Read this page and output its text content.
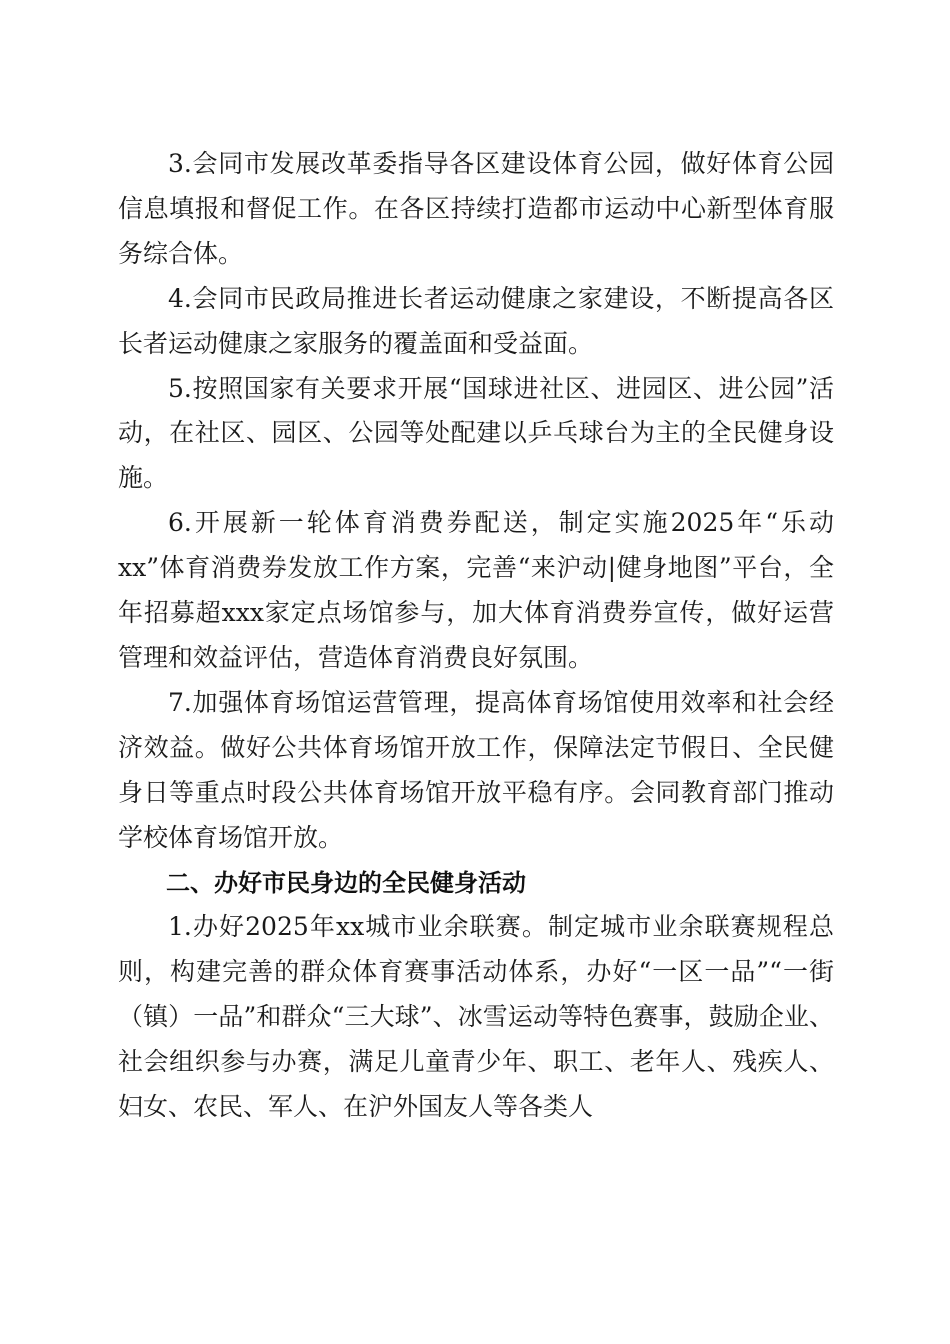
3.会同市发展改革委指导各区建设体育公园，做好体育公园信息填报和督促工作。在各区持续打造都市运动中心新型体育服务综合体。

4.会同市民政局推进长者运动健康之家建设，不断提高各区长者运动健康之家服务的覆盖面和受益面。

5.按照国家有关要求开展“国球进社区、进园区、进公园”活动，在社区、园区、公园等处配建以乒乓球台为主的全民健身设施。

6.开展新一轮体育消费券配送，制定实施2025年“乐动xx”体育消费券发放工作方案，完善“来沪动|健身地图”平台，全年招募超xxx家定点场馆参与，加大体育消费券宣传，做好运营管理和效益评估，营造体育消费良好氛围。

7.加强体育场馆运营管理，提高体育场馆使用效率和社会经济效益。做好公共体育场馆开放工作，保障法定节假日、全民健身日等重点时段公共体育场馆开放平稳有序。会同教育部门推动学校体育场馆开放。

二、办好市民身边的全民健身活动

1.办好2025年xx城市业余联赛。制定城市业余联赛规程总则，构建完善的群众体育赛事活动体系，办好“一区一品”“一街（镇）一品”和群众“三大球”、冰雪运动等特色赛事，鼓励企业、社会组织参与办赛，满足儿童青少年、职工、老年人、残疾人、妇女、农民、军人、在沪外国友人等各类人
